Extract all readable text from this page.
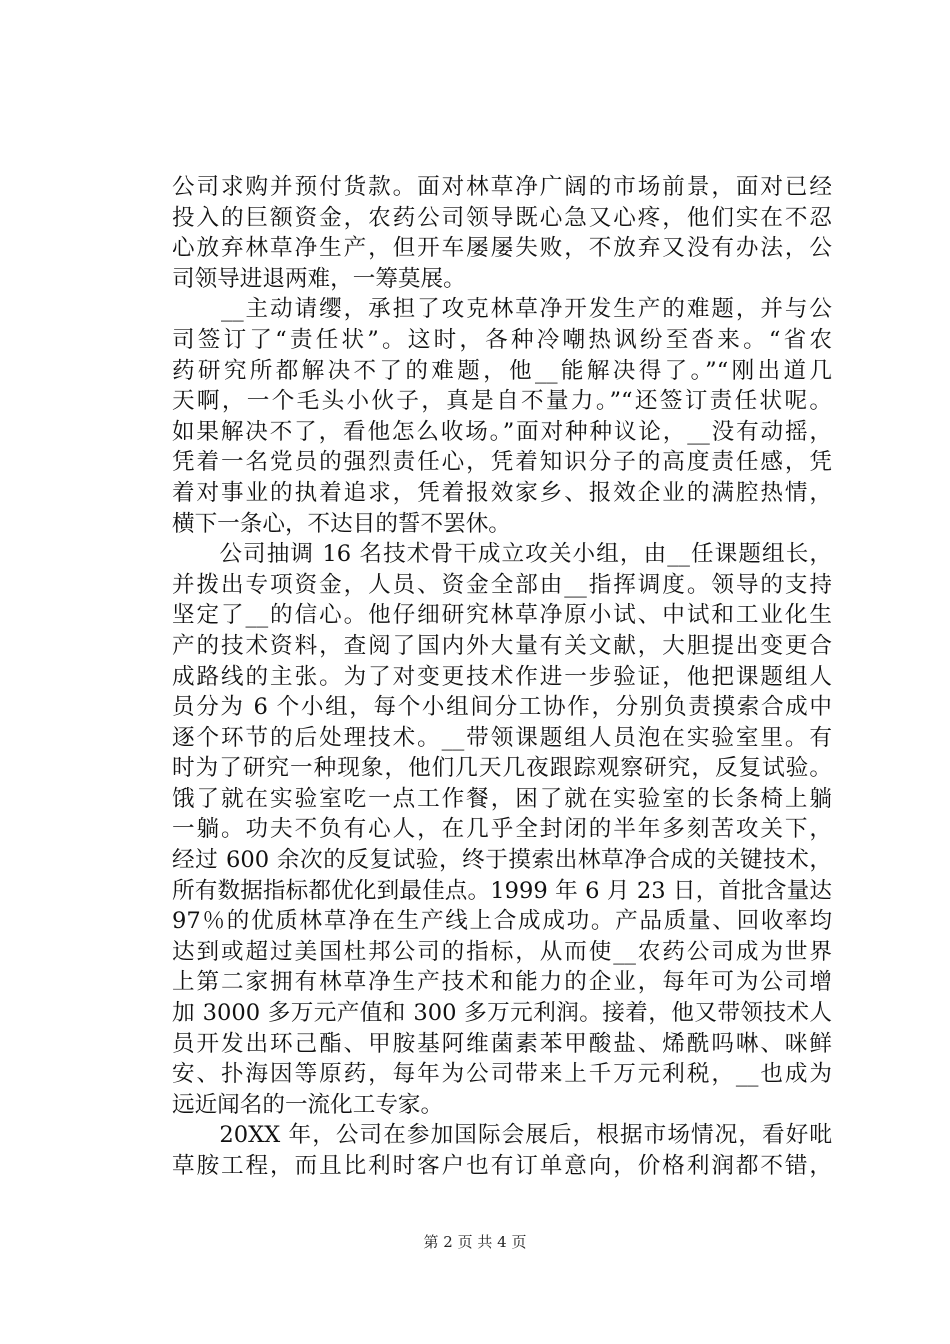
公司求购并预付货款。面对林草净广阔的市场前景，面对已经
投入的巨额资金，农药公司领导既心急又心疼，他们实在不忍
心放弃林草净生产，但开车屡屡失败，不放弃又没有办法，公
司领导进退两难，一筹莫展。
　　__主动请缨，承担了攻克林草净开发生产的难题，并与公
司签订了“责任状”。这时，各种冷嘲热讽纷至沓来。“省农
药研究所都解决不了的难题，他__能解决得了。”“刚出道几
天啊，一个毛头小伙子，真是自不量力。”“还签订责任状呢。
如果解决不了，看他怎么收场。”面对种种议论，__没有动摇，
凭着一名党员的强烈责任心，凭着知识分子的高度责任感，凭
着对事业的执着追求，凭着报效家乡、报效企业的满腔热情，
横下一条心，不达目的誓不罢休。
　　公司抽调 16 名技术骨干成立攻关小组，由__任课题组长，
并拨出专项资金，人员、资金全部由__指挥调度。领导的支持
坚定了__的信心。他仔细研究林草净原小试、中试和工业化生
产的技术资料，查阅了国内外大量有关文献，大胆提出变更合
成路线的主张。为了对变更技术作进一步验证，他把课题组人
员分为 6 个小组，每个小组间分工协作，分别负责摸索合成中
逐个环节的后处理技术。__带领课题组人员泡在实验室里。有
时为了研究一种现象，他们几天几夜跟踪观察研究，反复试验。
饿了就在实验室吃一点工作餐，困了就在实验室的长条椅上躺
一躺。功夫不负有心人，在几乎全封闭的半年多刻苦攻关下，
经过 600 余次的反复试验，终于摸索出林草净合成的关键技术，
所有数据指标都优化到最佳点。1999 年 6 月 23 日，首批含量达
97％的优质林草净在生产线上合成成功。产品质量、回收率均
达到或超过美国杜邦公司的指标，从而使__农药公司成为世界
上第二家拥有林草净生产技术和能力的企业，每年可为公司增
加 3000 多万元产值和 300 多万元利润。接着，他又带领技术人
员开发出环己酯、甲胺基阿维菌素苯甲酸盐、烯酰吗啉、咪鲜
安、扑海因等原药，每年为公司带来上千万元利税，__也成为
远近闻名的一流化工专家。
　　20XX 年，公司在参加国际会展后，根据市场情况，看好吡
草胺工程，而且比利时客户也有订单意向，价格利润都不错，
第 2 页 共 4 页
